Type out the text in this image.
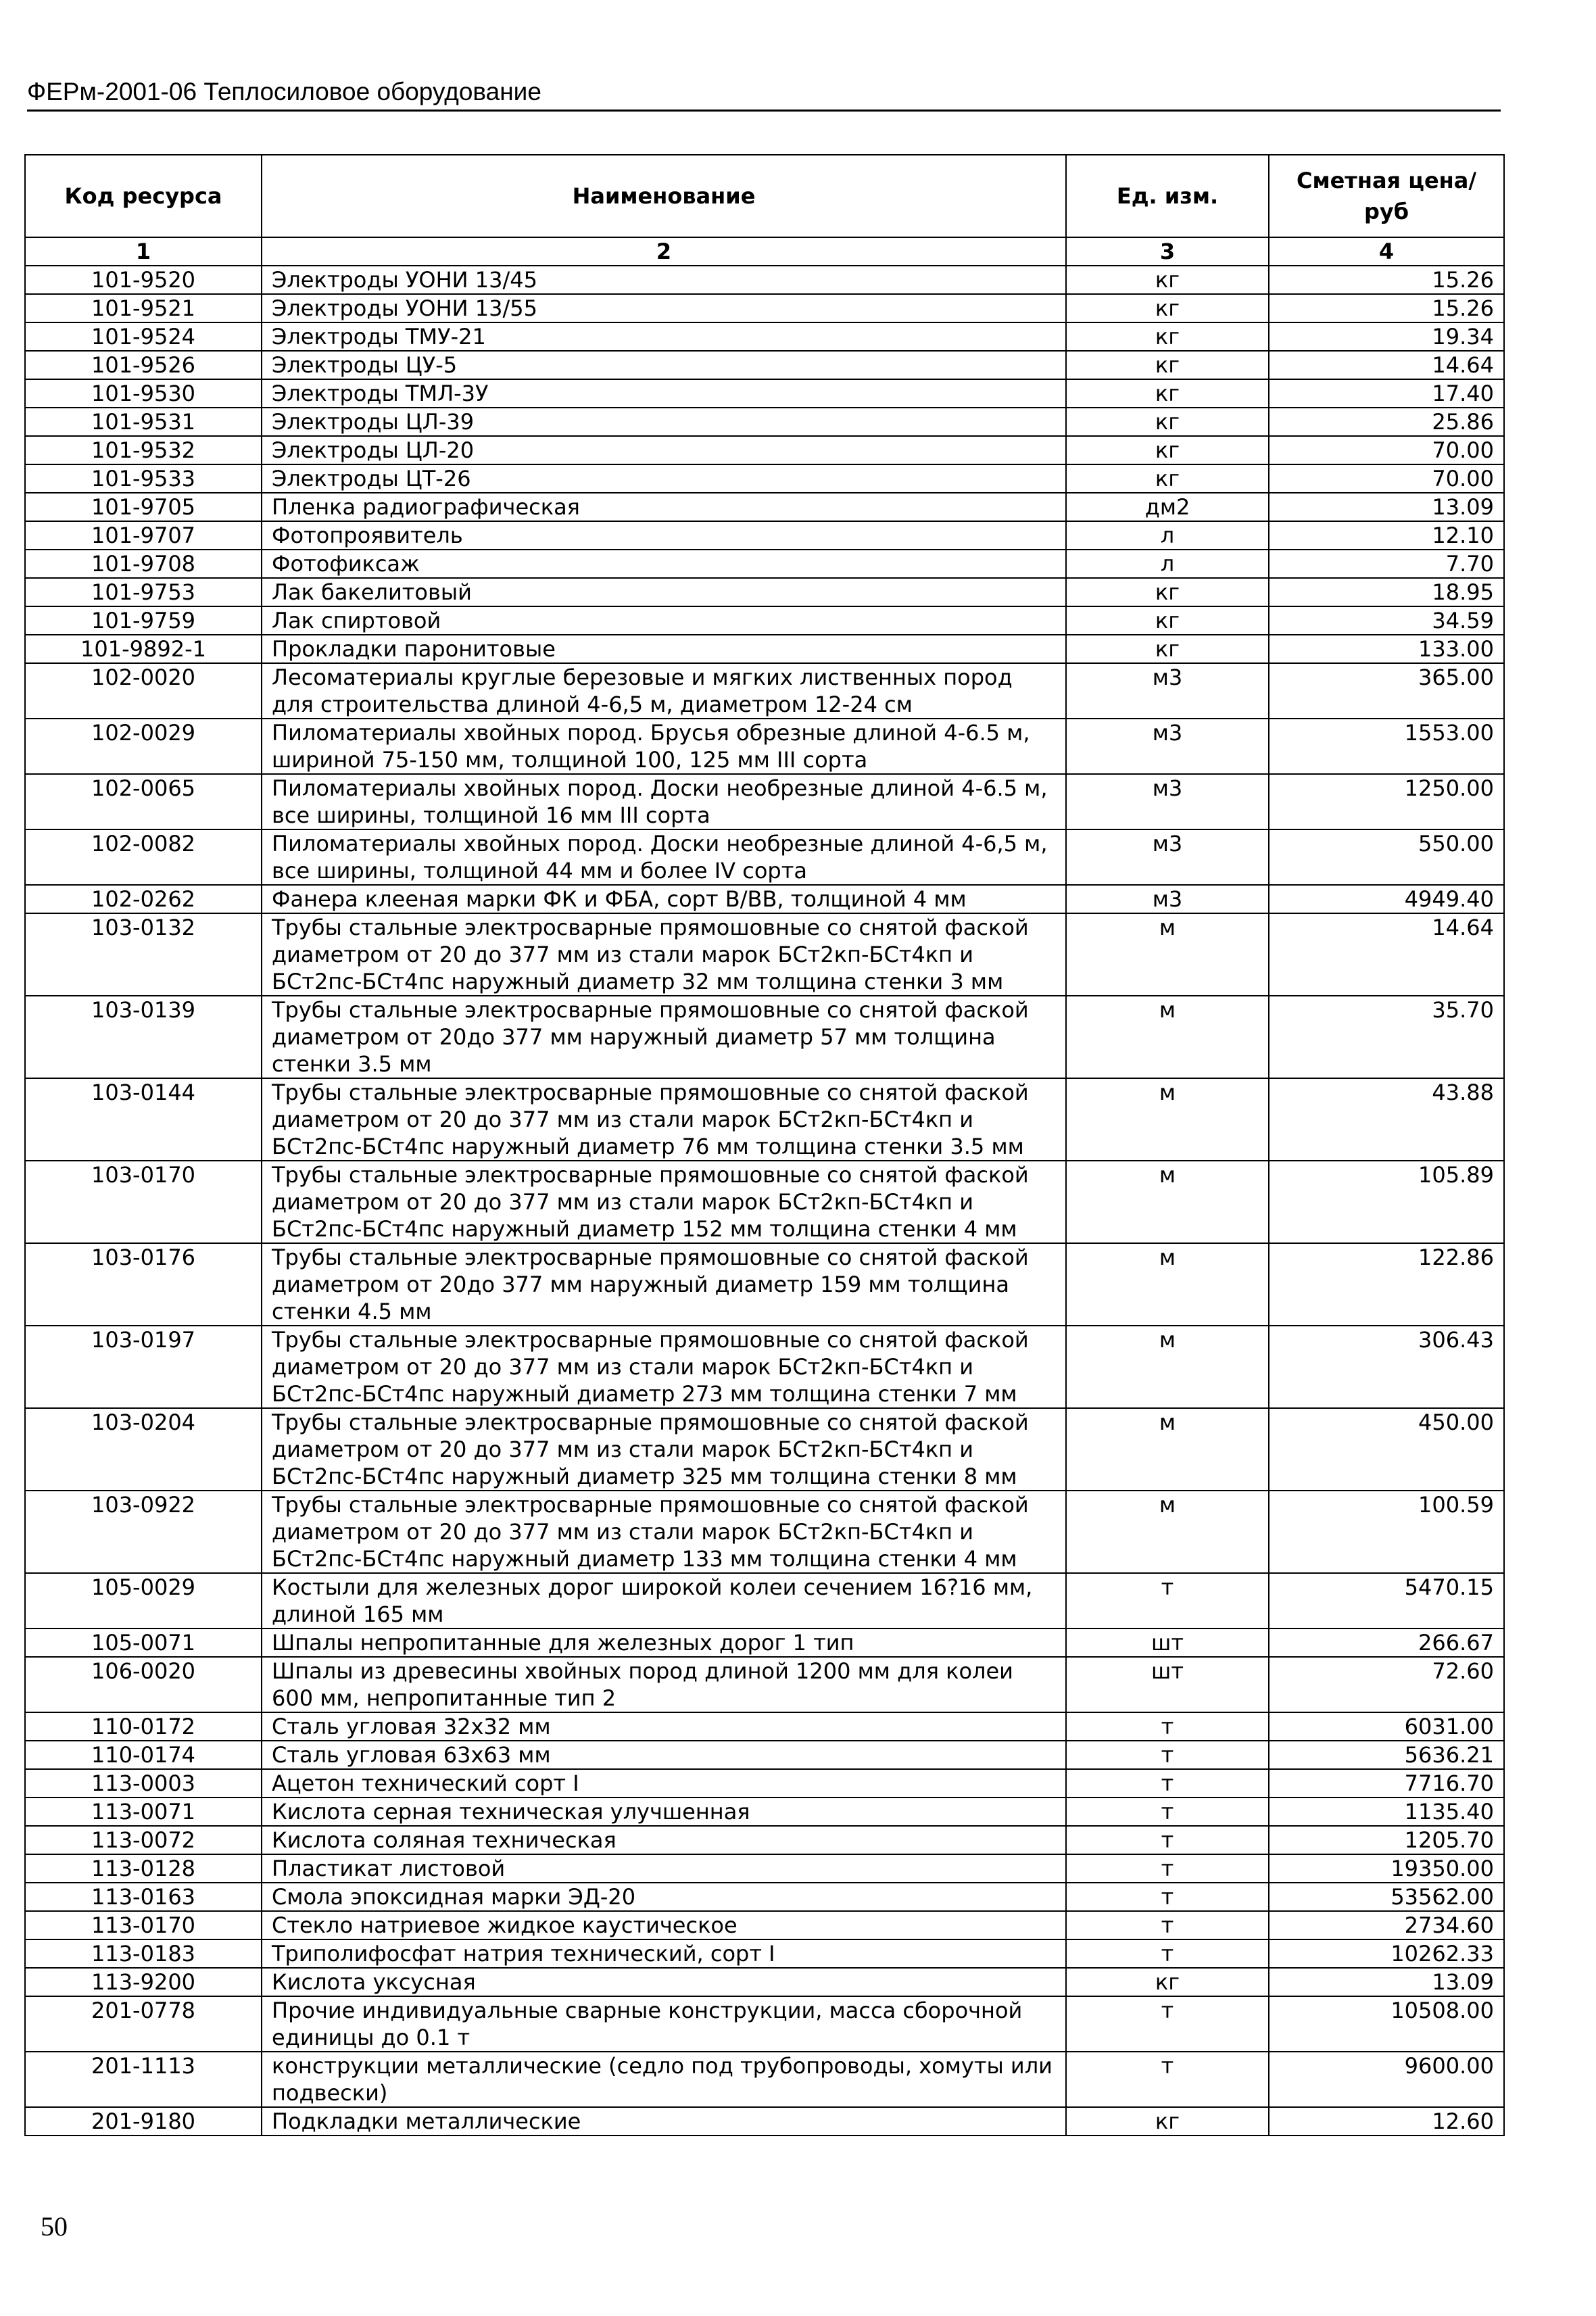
ФЕРм-2001-06 Теплосиловое оборудование
Код ресурса	Наименование	Ед. изм.	Сметная цена/руб
1	2	3	4
101-9520	Электроды УОНИ 13/45	кг	15.26
101-9521	Электроды УОНИ 13/55	кг	15.26
101-9524	Электроды ТМУ-21	кг	19.34
101-9526	Электроды ЦУ-5	кг	14.64
101-9530	Электроды ТМЛ-3У	кг	17.40
101-9531	Электроды ЦЛ-39	кг	25.86
101-9532	Электроды ЦЛ-20	кг	70.00
101-9533	Электроды ЦТ-26	кг	70.00
101-9705	Пленка радиографическая	дм2	13.09
101-9707	Фотопроявитель	л	12.10
101-9708	Фотофиксаж	л	7.70
101-9753	Лак бакелитовый	кг	18.95
101-9759	Лак спиртовой	кг	34.59
101-9892-1	Прокладки паронитовые	кг	133.00
102-0020	Лесоматериалы круглые березовые и мягких лиственных пород для строительства длиной 4-6,5 м, диаметром 12-24 см	м3	365.00
102-0029	Пиломатериалы хвойных пород. Брусья обрезные длиной 4-6.5 м, шириной 75-150 мм, толщиной 100, 125 мм III сорта	м3	1553.00
102-0065	Пиломатериалы хвойных пород. Доски необрезные длиной 4-6.5 м, все ширины, толщиной 16 мм III сорта	м3	1250.00
102-0082	Пиломатериалы хвойных пород. Доски необрезные длиной 4-6,5 м, все ширины, толщиной 44 мм и более IV сорта	м3	550.00
102-0262	Фанера клееная марки ФК и ФБА, сорт В/ВВ, толщиной 4 мм	м3	4949.40
103-0132	Трубы стальные электросварные прямошовные со снятой фаской диаметром от 20 до 377 мм из стали марок БСт2кп-БСт4кп и БСт2пс-БСт4пс наружный диаметр 32 мм толщина стенки 3 мм	м	14.64
103-0139	Трубы стальные электросварные прямошовные со снятой фаской диаметром от 20до 377 мм наружный диаметр 57 мм толщина стенки 3.5 мм	м	35.70
103-0144	Трубы стальные электросварные прямошовные со снятой фаской диаметром от 20 до 377 мм из стали марок БСт2кп-БСт4кп и БСт2пс-БСт4пс наружный диаметр 76 мм толщина стенки 3.5 мм	м	43.88
103-0170	Трубы стальные электросварные прямошовные со снятой фаской диаметром от 20 до 377 мм из стали марок БСт2кп-БСт4кп и БСт2пс-БСт4пс наружный диаметр 152 мм толщина стенки 4 мм	м	105.89
103-0176	Трубы стальные электросварные прямошовные со снятой фаской диаметром от 20до 377 мм наружный диаметр 159 мм толщина стенки 4.5 мм	м	122.86
103-0197	Трубы стальные электросварные прямошовные со снятой фаской диаметром от 20 до 377 мм из стали марок БСт2кп-БСт4кп и БСт2пс-БСт4пс наружный диаметр 273 мм толщина стенки 7 мм	м	306.43
103-0204	Трубы стальные электросварные прямошовные со снятой фаской диаметром от 20 до 377 мм из стали марок БСт2кп-БСт4кп и БСт2пс-БСт4пс наружный диаметр 325 мм толщина стенки 8 мм	м	450.00
103-0922	Трубы стальные электросварные прямошовные со снятой фаской диаметром от 20 до 377 мм из стали марок БСт2кп-БСт4кп и БСт2пс-БСт4пс наружный диаметр 133 мм толщина стенки 4 мм	м	100.59
105-0029	Костыли для железных дорог широкой колеи сечением 16?16 мм, длиной 165 мм	т	5470.15
105-0071	Шпалы непропитанные для железных дорог 1 тип	шт	266.67
106-0020	Шпалы из древесины хвойных пород длиной 1200 мм для колеи 600 мм, непропитанные тип 2	шт	72.60
110-0172	Сталь угловая 32х32 мм	т	6031.00
110-0174	Сталь угловая 63х63 мм	т	5636.21
113-0003	Ацетон технический сорт I	т	7716.70
113-0071	Кислота серная техническая улучшенная	т	1135.40
113-0072	Кислота соляная техническая	т	1205.70
113-0128	Пластикат листовой	т	19350.00
113-0163	Смола эпоксидная марки ЭД-20	т	53562.00
113-0170	Стекло натриевое жидкое каустическое	т	2734.60
113-0183	Триполифосфат натрия технический, сорт I	т	10262.33
113-9200	Кислота уксусная	кг	13.09
201-0778	Прочие индивидуальные сварные конструкции, масса сборочной единицы до 0.1 т	т	10508.00
201-1113	конструкции металлические (седло под трубопроводы, хомуты или подвески)	т	9600.00
201-9180	Подкладки металлические	кг	12.60
50
